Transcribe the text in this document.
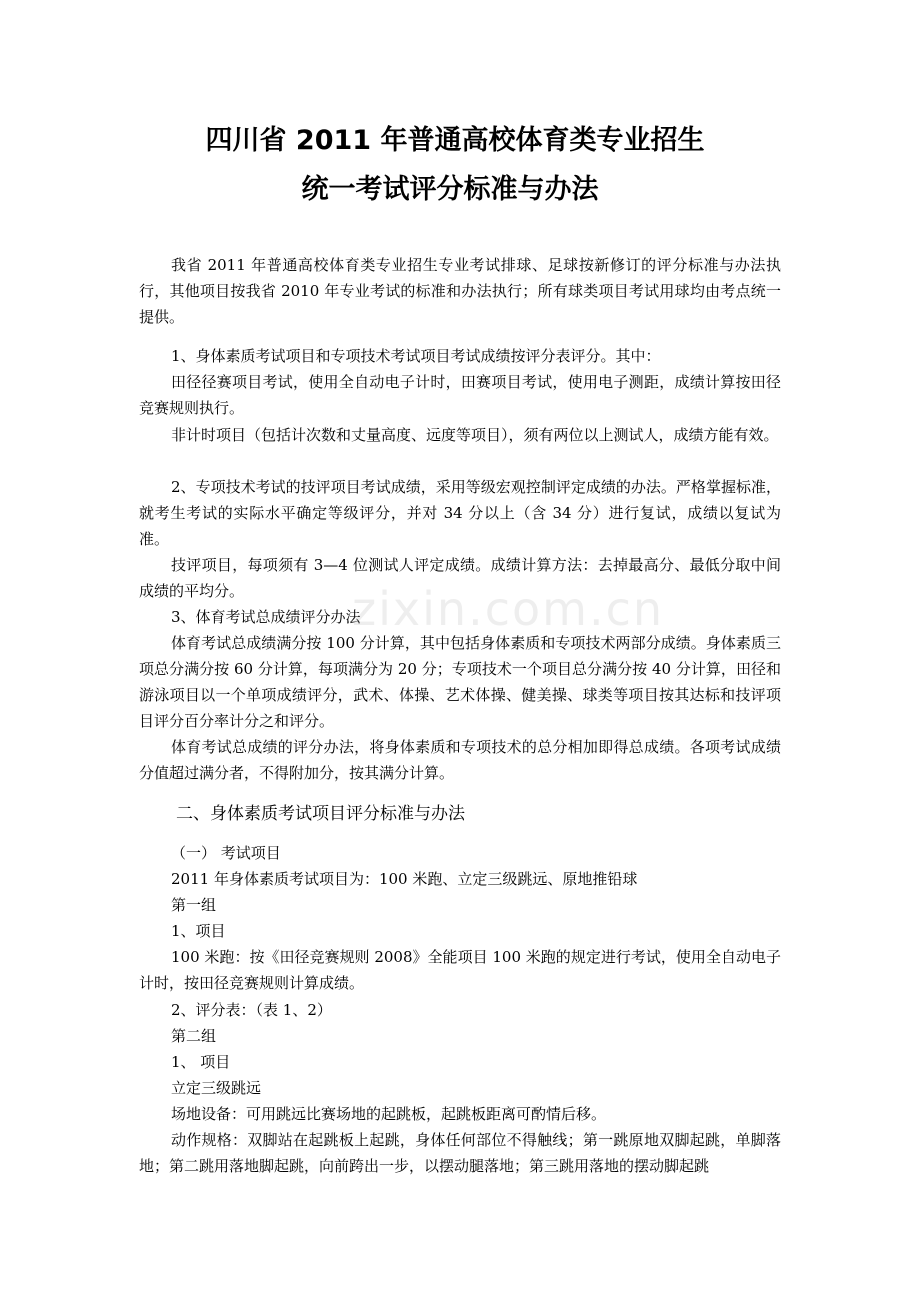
四川省 2011 年普通高校体育类专业招生
统一考试评分标准与办法

我省 2011 年普通高校体育类专业招生专业考试排球、足球按新修订的评分标准与办法执行，其他项目按我省 2010 年专业考试的标准和办法执行；所有球类项目考试用球均由考点统一提供。

1、身体素质考试项目和专项技术考试项目考试成绩按评分表评分。其中：

田径径赛项目考试，使用全自动电子计时，田赛项目考试，使用电子测距，成绩计算按田径竞赛规则执行。

非计时项目（包括计次数和丈量高度、远度等项目），须有两位以上测试人，成绩方能有效。

2、专项技术考试的技评项目考试成绩，采用等级宏观控制评定成绩的办法。严格掌握标准，就考生考试的实际水平确定等级评分，并对 34 分以上（含 34 分）进行复试，成绩以复试为准。

技评项目，每项须有 3—4 位测试人评定成绩。成绩计算方法：去掉最高分、最低分取中间成绩的平均分。

3、体育考试总成绩评分办法

体育考试总成绩满分按 100 分计算，其中包括身体素质和专项技术两部分成绩。身体素质三项总分满分按 60 分计算，每项满分为 20 分；专项技术一个项目总分满分按 40 分计算，田径和游泳项目以一个单项成绩评分，武术、体操、艺术体操、健美操、球类等项目按其达标和技评项目评分百分率计分之和评分。

体育考试总成绩的评分办法，将身体素质和专项技术的总分相加即得总成绩。各项考试成绩分值超过满分者，不得附加分，按其满分计算。

二、身体素质考试项目评分标准与办法

（一） 考试项目

2011 年身体素质考试项目为：100 米跑、立定三级跳远、原地推铅球

第一组

1、项目

100 米跑：按《田径竞赛规则 2008》全能项目 100 米跑的规定进行考试，使用全自动电子计时，按田径竞赛规则计算成绩。

2、评分表：（表 1、2）

第二组

1、 项目

立定三级跳远

场地设备：可用跳远比赛场地的起跳板，起跳板距离可酌情后移。

动作规格：双脚站在起跳板上起跳，身体任何部位不得触线；第一跳原地双脚起跳，单脚落地；第二跳用落地脚起跳，向前跨出一步，以摆动腿落地；第三跳用落地的摆动脚起跳

zixin.com.cn
